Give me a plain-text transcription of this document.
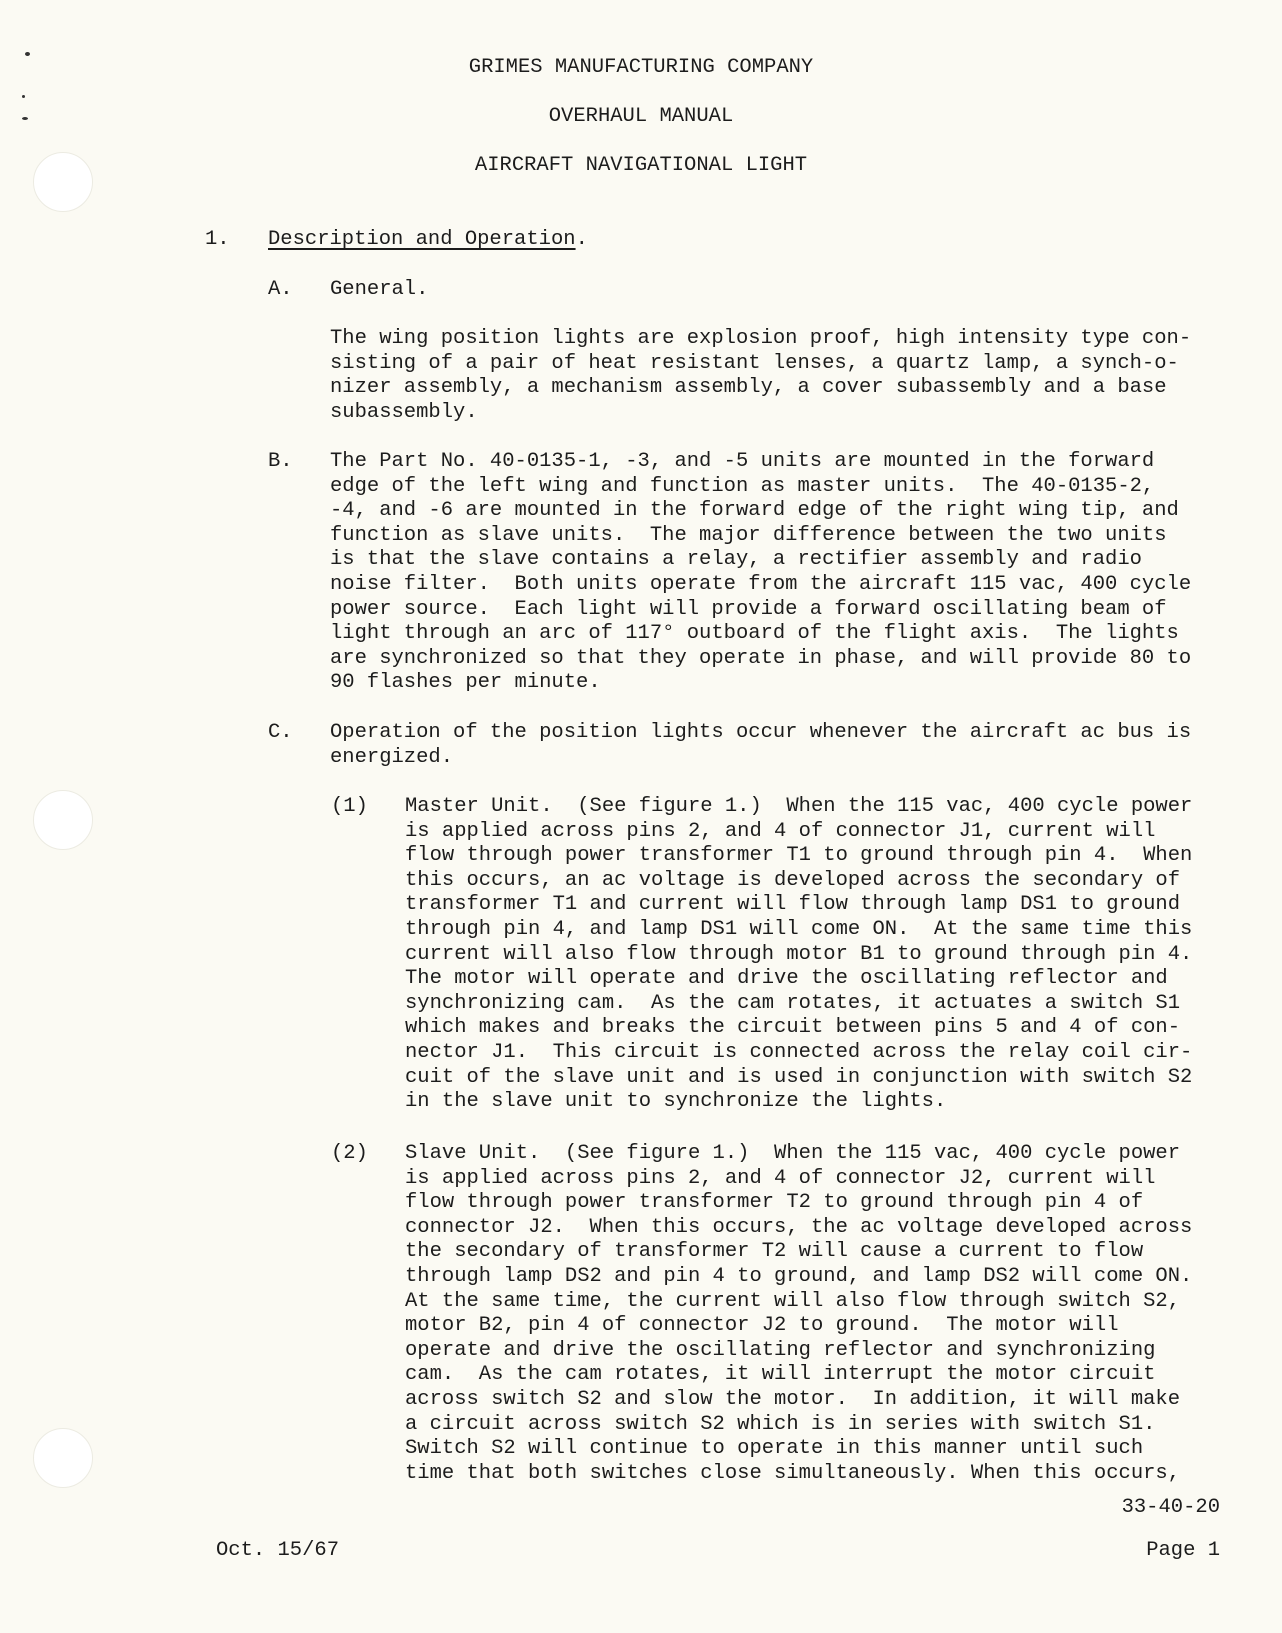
GRIMES MANUFACTURING COMPANY
OVERHAUL MANUAL
AIRCRAFT NAVIGATIONAL LIGHT
1. Description and Operation.
A. General.
The wing position lights are explosion proof, high intensity type con-
sisting of a pair of heat resistant lenses, a quartz lamp, a synch-o-
nizer assembly, a mechanism assembly, a cover subassembly and a base
subassembly.
B. The Part No. 40-0135-1, -3, and -5 units are mounted in the forward
edge of the left wing and function as master units.  The 40-0135-2,
-4, and -6 are mounted in the forward edge of the right wing tip, and
function as slave units.  The major difference between the two units
is that the slave contains a relay, a rectifier assembly and radio
noise filter.  Both units operate from the aircraft 115 vac, 400 cycle
power source.  Each light will provide a forward oscillating beam of
light through an arc of 117° outboard of the flight axis.  The lights
are synchronized so that they operate in phase, and will provide 80 to
90 flashes per minute.
C. Operation of the position lights occur whenever the aircraft ac bus is
energized.
(1) Master Unit.  (See figure 1.)  When the 115 vac, 400 cycle power
is applied across pins 2, and 4 of connector J1, current will
flow through power transformer T1 to ground through pin 4.  When
this occurs, an ac voltage is developed across the secondary of
transformer T1 and current will flow through lamp DS1 to ground
through pin 4, and lamp DS1 will come ON.  At the same time this
current will also flow through motor B1 to ground through pin 4.
The motor will operate and drive the oscillating reflector and
synchronizing cam.  As the cam rotates, it actuates a switch S1
which makes and breaks the circuit between pins 5 and 4 of con-
nector J1.  This circuit is connected across the relay coil cir-
cuit of the slave unit and is used in conjunction with switch S2
in the slave unit to synchronize the lights.
(2) Slave Unit.  (See figure 1.)  When the 115 vac, 400 cycle power
is applied across pins 2, and 4 of connector J2, current will
flow through power transformer T2 to ground through pin 4 of
connector J2.  When this occurs, the ac voltage developed across
the secondary of transformer T2 will cause a current to flow
through lamp DS2 and pin 4 to ground, and lamp DS2 will come ON.
At the same time, the current will also flow through switch S2,
motor B2, pin 4 of connector J2 to ground.  The motor will
operate and drive the oscillating reflector and synchronizing
cam.  As the cam rotates, it will interrupt the motor circuit
across switch S2 and slow the motor.  In addition, it will make
a circuit across switch S2 which is in series with switch S1.
Switch S2 will continue to operate in this manner until such
time that both switches close simultaneously. When this occurs,
33-40-20
Oct. 15/67	Page 1
